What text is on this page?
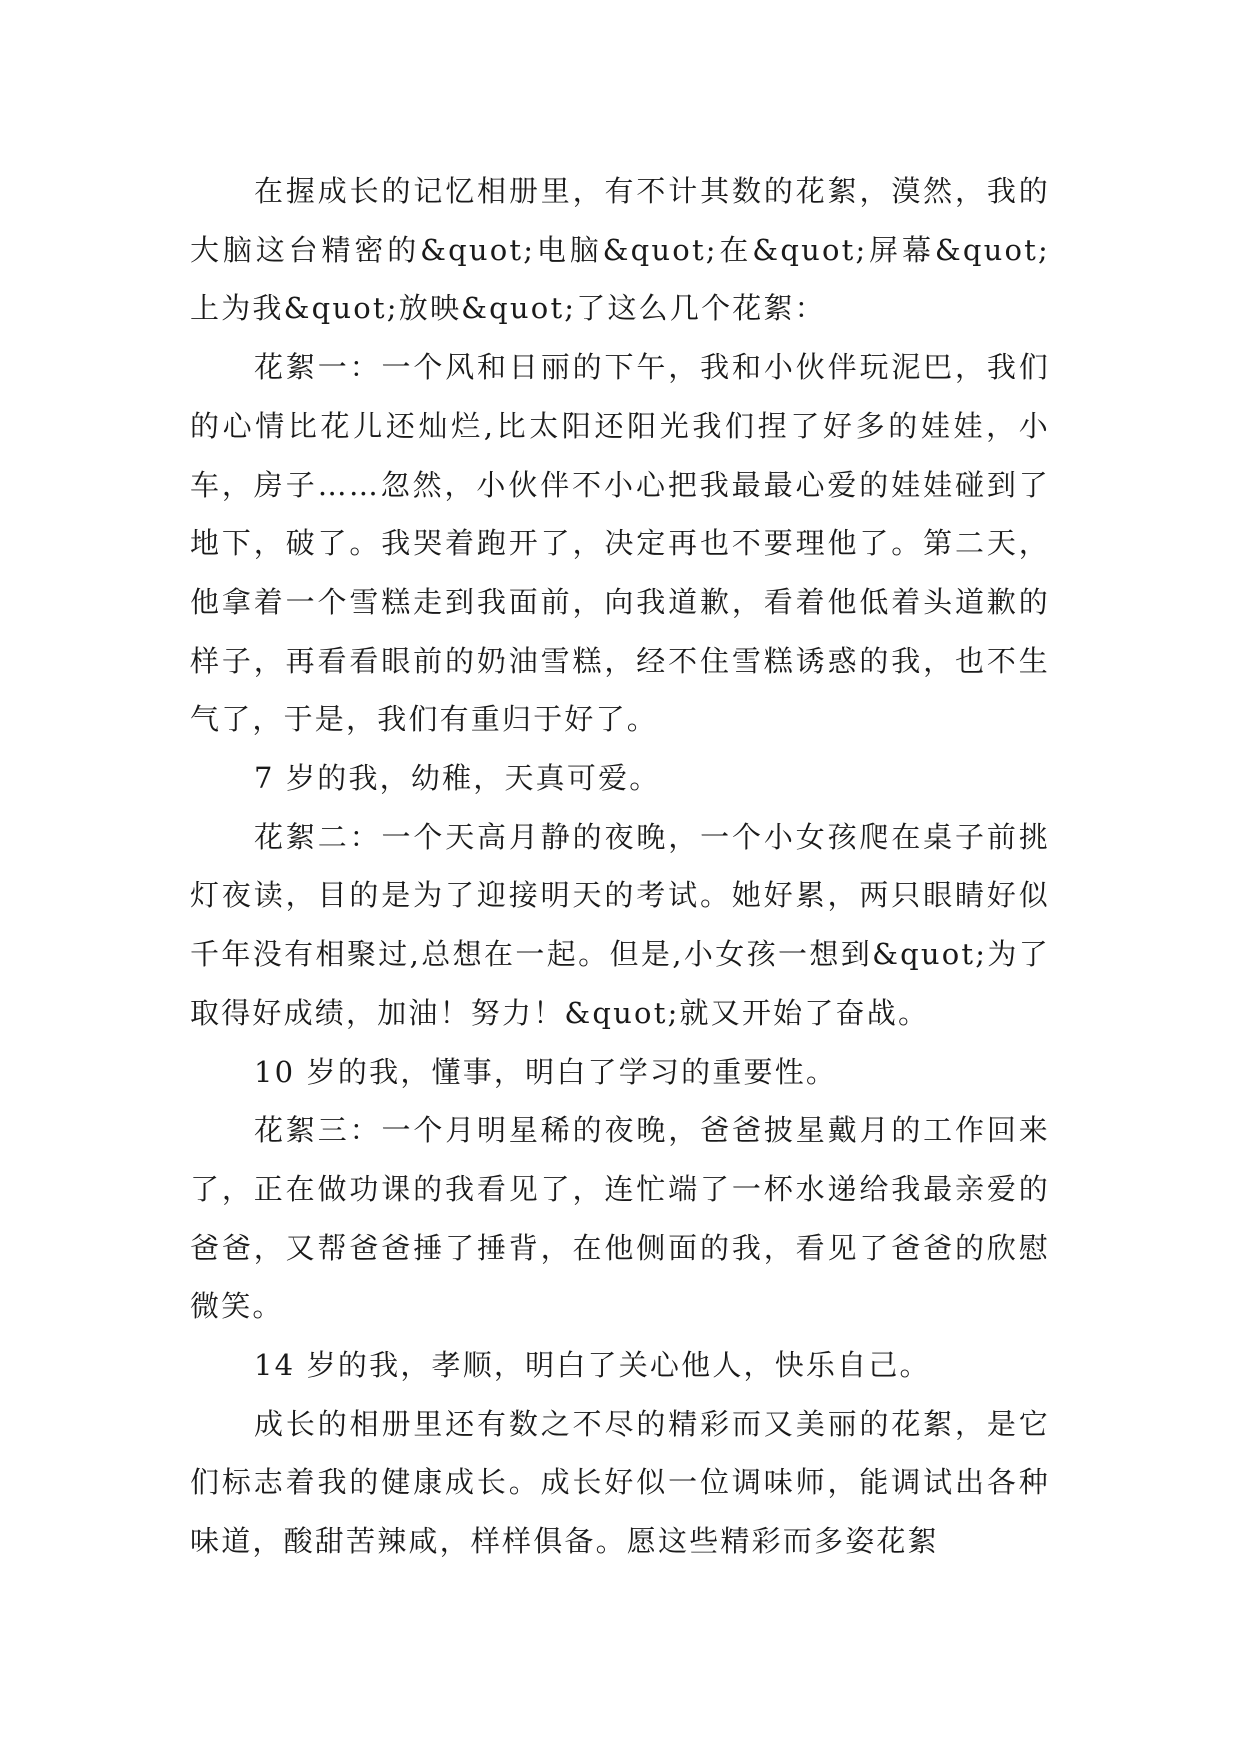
在握成长的记忆相册里，有不计其数的花絮，漠然，我的大脑这台精密的&quot;电脑&quot;在&quot;屏幕&quot;上为我&quot;放映&quot;了这么几个花絮：

花絮一：一个风和日丽的下午，我和小伙伴玩泥巴，我们的心情比花儿还灿烂,比太阳还阳光我们捏了好多的娃娃，小车，房子……忽然，小伙伴不小心把我最最心爱的娃娃碰到了地下，破了。我哭着跑开了，决定再也不要理他了。第二天，他拿着一个雪糕走到我面前，向我道歉，看着他低着头道歉的样子，再看看眼前的奶油雪糕，经不住雪糕诱惑的我，也不生气了，于是，我们有重归于好了。

7 岁的我，幼稚，天真可爱。

花絮二：一个天高月静的夜晚，一个小女孩爬在桌子前挑灯夜读，目的是为了迎接明天的考试。她好累，两只眼睛好似千年没有相聚过,总想在一起。但是,小女孩一想到&quot;为了取得好成绩，加油！努力！&quot;就又开始了奋战。

10 岁的我，懂事，明白了学习的重要性。

花絮三：一个月明星稀的夜晚，爸爸披星戴月的工作回来了，正在做功课的我看见了，连忙端了一杯水递给我最亲爱的爸爸，又帮爸爸捶了捶背，在他侧面的我，看见了爸爸的欣慰微笑。

14 岁的我，孝顺，明白了关心他人，快乐自己。

成长的相册里还有数之不尽的精彩而又美丽的花絮，是它们标志着我的健康成长。成长好似一位调味师，能调试出各种味道，酸甜苦辣咸，样样俱备。愿这些精彩而多姿花絮
